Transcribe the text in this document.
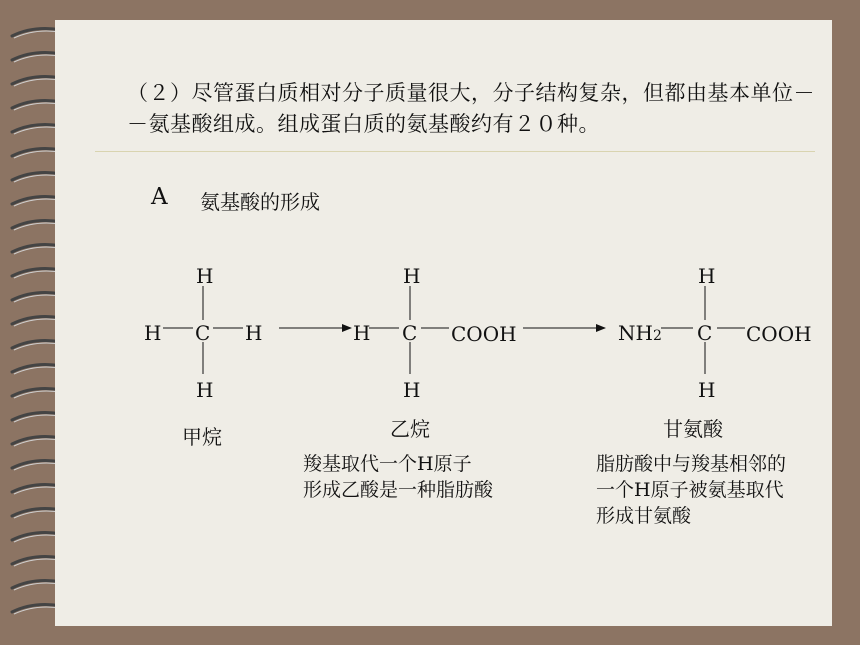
（２）尽管蛋白质相对分子质量很大，分子结构复杂，但都由基本单位－－氨基酸组成。组成蛋白质的氨基酸约有２０种。
A 氨基酸的形成
H
H C H
H
甲烷
H
H C COOH
H
乙烷
羧基取代一个H原子
形成乙酸是一种脂肪酸
H
NH2 C COOH
H
甘氨酸
脂肪酸中与羧基相邻的
一个H原子被氨基取代
形成甘氨酸
